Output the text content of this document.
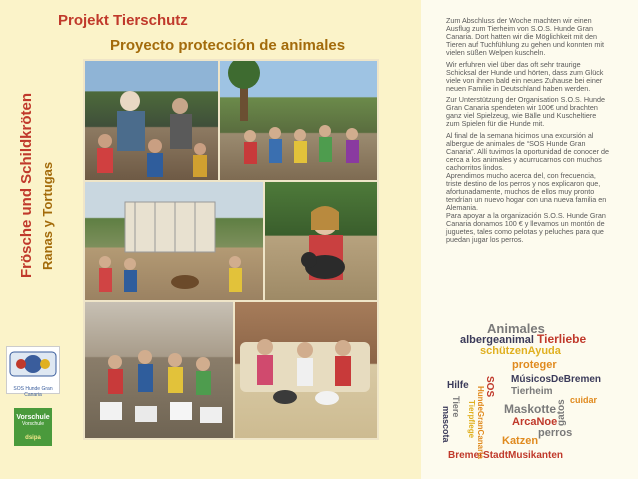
Frösche und Schildkröten Ranas y Tortugas
Projekt Tierschutz
Proyecto protección de animales
SOS Hunde Gran Canaria
Vorschule
Vorschule
dsipa

Zum Abschluss der Woche machten wir einen Ausflug zum Tierheim von S.O.S. Hunde Gran Canaria. Dort hatten wir die Möglichkeit mit den Tieren auf Tuchfühlung zu gehen und konnten mit vielen süßen Welpen kuscheln.

Wir erfuhren viel über das oft sehr traurige Schicksal der Hunde und hörten, dass zum Glück viele von ihnen bald ein neues Zuhause bei einer neuen Familie in Deutschland haben werden.

Zur Unterstützung der Organisation S.O.S. Hunde Gran Canaria spendeten wir 100€ und brachten ganz viel Spielzeug, wie Bälle und Kuscheltiere zum Spielen für die Hunde mit.

Al final de la semana hicimos una excursión al albergue de animales de “SOS Hunde Gran Canaria”. Allí tuvimos la oportunidad de conocer de cerca a los animales y acurrucarnos con muchos cachorritos lindos.

Aprendimos mucho acerca del, con frecuencia, triste destino de los perros y nos explicaron que, afortunadamente, muchos de ellos muy pronto tendrían un nuevo hogar con una nueva familia en Alemania.

Para apoyar a la organización S.O.S. Hunde Gran Canaria donamos 100 € y llevamos un montón de juguetes, tales como pelotas y peluches para que puedan jugar los perros.

Animales
albergeanimal Tierliebe
schützenAyuda
proteger
MúsicosDeBremen
Tierheim
Maskotte
ArcaNoe
perros
Katzen
BremerStadtMusikanten
gatos
Hilfe SOS
HundeGranCanaria
Tiere
mascota Tierpflege	cuidar
